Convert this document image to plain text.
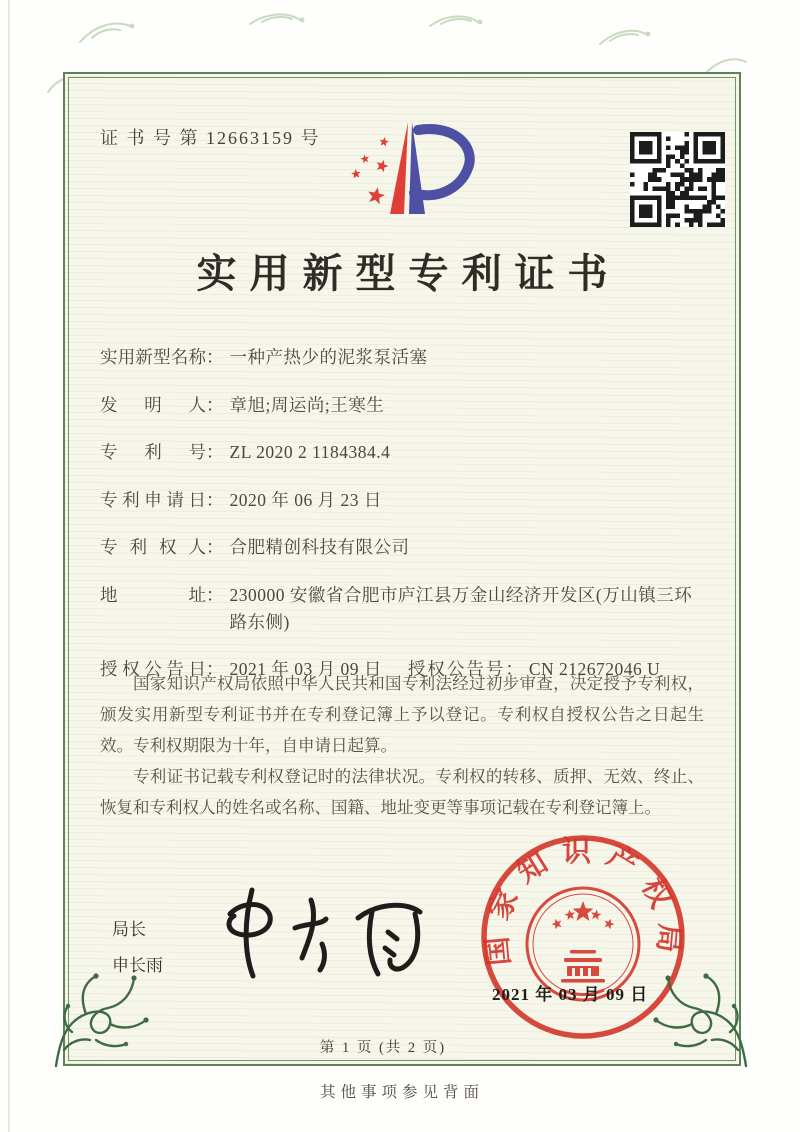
证 书 号 第 12663159 号
实用新型专利证书
实用新型名称： 一种产热少的泥浆泵活塞
发明人： 章旭;周运尚;王寒生
专利号： ZL 2020 2 1184384.4
专利申请日： 2020 年 06 月 23 日
专利权人： 合肥精创科技有限公司
地址： 230000 安徽省合肥市庐江县万金山经济开发区(万山镇三环路东侧)
授权公告日： 2021 年 03 月 09 日 授权公告号： CN 212672046 U

国家知识产权局依照中华人民共和国专利法经过初步审查，决定授予专利权，颁发实用新型专利证书并在专利登记簿上予以登记。专利权自授权公告之日起生效。专利权期限为十年，自申请日起算。

专利证书记载专利权登记时的法律状况。专利权的转移、质押、无效、终止、恢复和专利权人的姓名或名称、国籍、地址变更等事项记载在专利登记簿上。

局长
申长雨	国家知识产权局
2021 年 03 月 09 日
第 1 页 (共 2 页)
其他事项参见背面
